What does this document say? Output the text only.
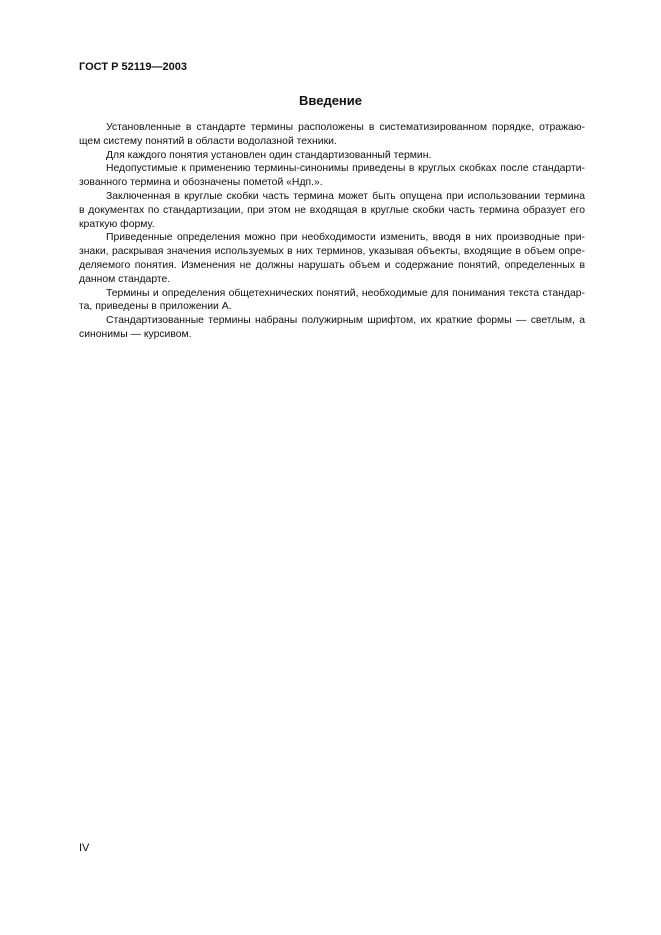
ГОСТ Р 52119—2003
Введение
Установленные в стандарте термины расположены в систематизированном порядке, отражаю-
щем систему понятий в области водолазной техники.
Для каждого понятия установлен один стандартизованный термин.
Недопустимые к применению термины-синонимы приведены в круглых скобках после стандарти-
зованного термина и обозначены пометой «Ндп.».
Заключенная в круглые скобки часть термина может быть опущена при использовании термина
в документах по стандартизации, при этом не входящая в круглые скобки часть термина образует его
краткую форму.
Приведенные определения можно при необходимости изменить, вводя в них производные при-
знаки, раскрывая значения используемых в них терминов, указывая объекты, входящие в объем опре-
деляемого понятия. Изменения не должны нарушать объем и содержание понятий, определенных в
данном стандарте.
Термины и определения общетехнических понятий, необходимые для понимания текста стандар-
та, приведены в приложении А.
Стандартизованные термины набраны полужирным шрифтом, их краткие формы — светлым, а
синонимы — курсивом.
IV
